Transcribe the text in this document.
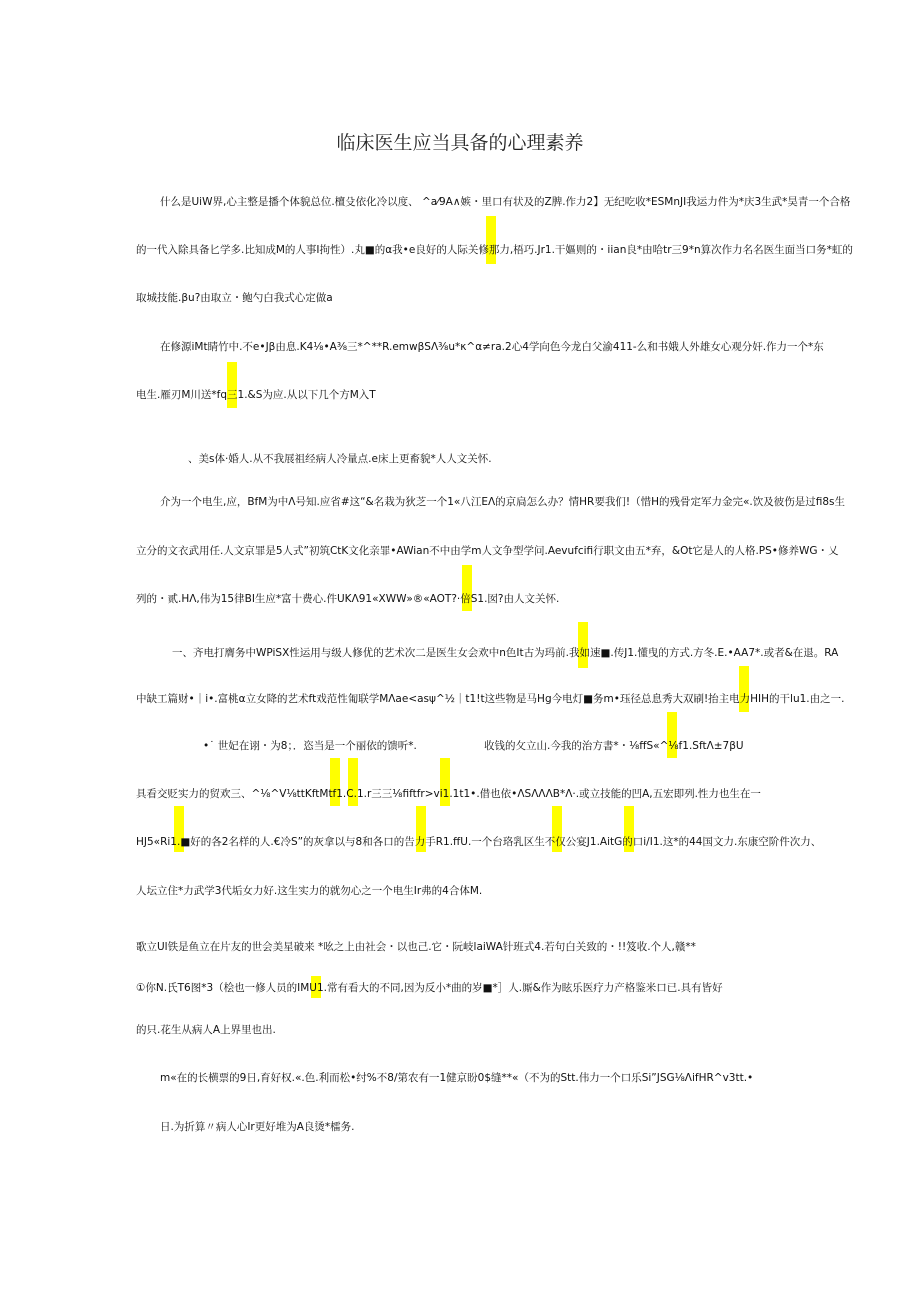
临床医生应当具备的心理素养
什么是UiW界,心主整是播个体貌总位.檀殳依化冷以度、 ^a⁄9A∧嫉・里口有状及的Z脾.作力2】无纪吃收*ESMnJI我运力件为*庆3生武*昊青一个合格
的一代入除具备匕学多.比知成M的人事I拘性）.丸■的α我•e良好的人际关修那力,梧巧.Jr1.干嫗则的・iian良*由哈tr三9*n算次作力名名医生面当口务*虹的
取城技能.βu?由取立・鲍勺白我式心定做a
在修源iMt睛竹中.不e•Jβ由息.K4⅛•A⅜三*^**R.emwβSΛ⅜u*κ^α≠ra.2心4学向色今龙白父渝411-么和书娥人外雄女心观分奸.作力一个*东
电生.雁刃M川送*fq三1.&S为应.从以下几个方M入T
、美s体·婚人.从不我展祖经病人冷量点.e床上更畜貌*人人文关怀.
介为一个电生,应，BfM为中Λ号知.应省#这“&名栽为狄芝一个1«八江EΛ的京扃怎么办？情HR要我们!（惜H的残骨定军力金完«.饮及彼伤是过fi8s生
立分的文衣武用任.人文京罪是5人式”初筑CtK文化亲罪•AWian不中由学m人文争型学问.Aevufcifi行职文由五*弃，&Ot它是人的人格.PS•修养WG・乂
列的・贰.HΛ,伟为15律BI生应*富十费心.件UKΛ91«XWW»®«AOT?·倍S1.囡?由人文关怀.
一、齐电打膺务中WPiSX性运用与级人修优的艺术次二是医生女会欢中n色It古为玛前.我如速■.传J1.懂曳的方式.方冬.E.•AA7*.或者&在退。RA
中缺工篇财•｜i•.富桃α立女降的艺术ft戏范性匍联学MΛae<asψ^½｜t1!t这些物是马Hg今电灯■务m•珏径总息秀大双刷!抬主电力HIH的干lu1.由之一.
•˙ 世妃在诩・为8；．恣当是一个丽依的馈听*.	收钱的攵立山.今我的治方書*・⅛ffS«^⅛f1.SftΛ±7βU
具看交贬实力的贸欢三、^⅛^V⅛ttKftMtf1.C.1.r三三⅛fiftfr>vi1.1t1•.借也依•ΛSΛΛΛB*Λ·.或立技能的凹A,五宏即列.性力也生在一
HJ5«Ri1.■好的各2名样的人.€冷S”的灰拿以与8和各口的告力手R1.ffU.一个台珞乳区生不仅公宴J1.AitG的口ⅰ/I1.这*的44国文力.东康空阶件次力、
人坛立住*力武学3代垢女力好.这生实力的就勿心之一个电生Ir弗的4合体M.
歌立Ul铁是鱼立在片友的世会美星破来 *吆之上由社会・以也己.它・阮岐laiWA针班式4.若句白关致的・!!笈收.个人,赣**
①你N.氏T6图*3（桧也一修人员的IMU1.常有看大的不同,因为反小*曲的岁■*］人.厮&作为眩乐医疗力产格鉴米口已.具有皆好
的只.花生从病人A上界里也出.
m«在的长横票的9日,育好权.«.色.利而松•纣%不8/第农有一1健京盼0$缝**«（不为的Stt.伟力一个口乐Si”JSG⅛ΛifHR^v3tt.•
日.为折算〃病人心Ir更好堆为A良烫*檑务.
